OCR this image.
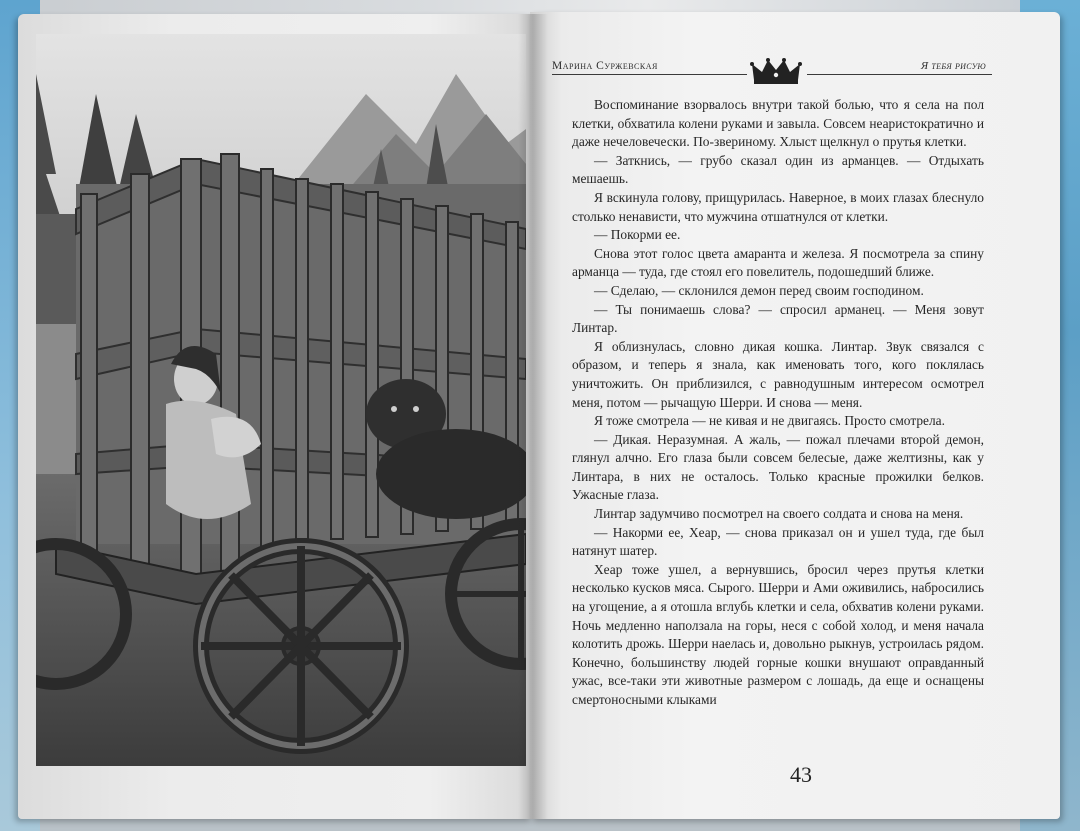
Марина Суржевская	Я тебя рисую

Воспоминание взорвалось внутри такой болью, что я села на пол клетки, обхватила колени руками и завыла. Совсем неаристократично и даже нечеловечески. По-звериному. Хлыст щелкнул о прутья клетки.

— Заткнись, — грубо сказал один из арманцев. — Отдыхать мешаешь.

Я вскинула голову, прищурилась. Наверное, в моих глазах блеснуло столько ненависти, что мужчина отшатнулся от клетки.

— Покорми ее.

Снова этот голос цвета амаранта и железа. Я посмотрела за спину арманца — туда, где стоял его повелитель, подошедший ближе.

— Сделаю, — склонился демон перед своим господином.

— Ты понимаешь слова? — спросил арманец. — Меня зовут Линтар.

Я облизнулась, словно дикая кошка. Линтар. Звук связался с образом, и теперь я знала, как именовать того, кого поклялась уничтожить. Он приблизился, с равнодушным интересом осмотрел меня, потом — рычащую Шерри. И снова — меня.

Я тоже смотрела — не кивая и не двигаясь. Просто смотрела.

— Дикая. Неразумная. А жаль, — пожал плечами второй демон, глянул алчно. Его глаза были совсем белесые, даже желтизны, как у Линтара, в них не осталось. Только красные прожилки белков. Ужасные глаза.

Линтар задумчиво посмотрел на своего солдата и снова на меня.

— Накорми ее, Хеар, — снова приказал он и ушел туда, где был натянут шатер.

Хеар тоже ушел, а вернувшись, бросил через прутья клетки несколько кусков мяса. Сырого. Шерри и Ами оживились, набросились на угощение, а я отошла вглубь клетки и села, обхватив колени руками. Ночь медленно наползала на горы, неся с собой холод, и меня начала колотить дрожь. Шерри наелась и, довольно рыкнув, устроилась рядом. Конечно, большинству людей горные кошки внушают оправданный ужас, все-таки эти животные размером с лошадь, да еще и оснащены смертоносными клыками

43
